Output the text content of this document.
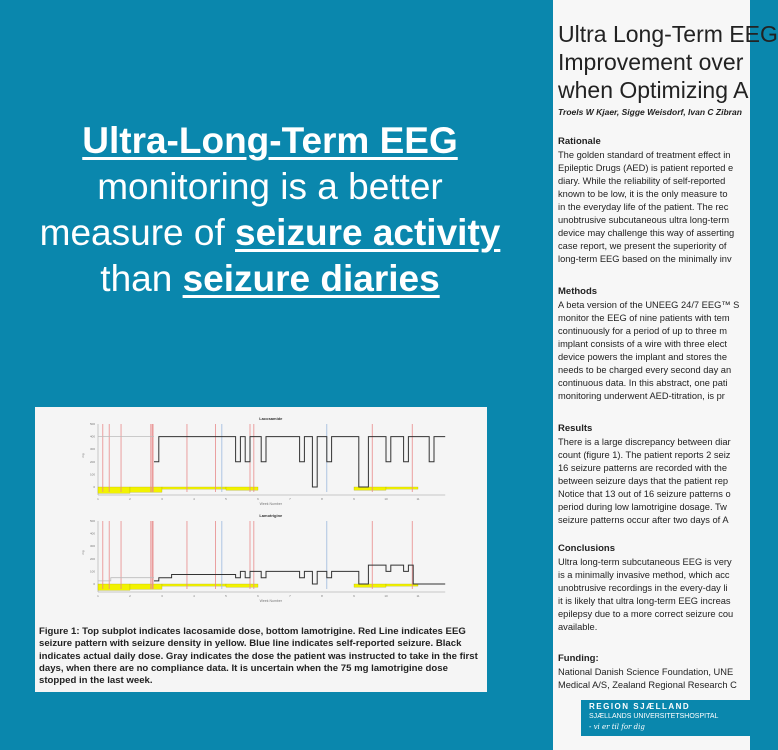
Ultra-Long-Term EEG
monitoring is a better
measure of seizure activity
than seizure diaries
Lacosamide
0
100
200
300
400
500
1	2	3	4	5	6	7	8	9	10	11
mg
Week Number
Lamotrigine
0
100
200
300
400
500
1	2	3	4	5	6	7	8	9	10	11
mg
Week Number
Figure 1: Top subplot indicates lacosamide dose, bottom lamotrigine. Red Line indicates EEG seizure pattern with seizure density in yellow. Blue line indicates self-reported seizure. Black indicates actual daily dose. Gray indicates the dose the patient was instructed to take in the first days, when there are no compliance data. It is uncertain when the 75 mg lamotrigine dose stopped in the last week.
Ultra Long-Term EEG
Improvement over
when Optimizing A
Troels W Kjaer, Sigge Weisdorf, Ivan C Zibran
Rationale
The golden standard of treatment effect in
Epileptic Drugs (AED) is patient reported e
diary. While the reliability of self-reported
known to be low, it is the only measure to
in the everyday life of the patient. The rec
unobtrusive subcutaneous ultra long-term
device may challenge this way of asserting
case report, we present the superiority of
long-term EEG based on the minimally inv
Methods
A beta version of the UNEEG 24/7 EEG™ S
monitor the EEG of nine patients with tem
continuously for a period of up to three m
implant consists of a wire with three elect
device powers the implant and stores the
needs to be charged every second day an
continuous data. In this abstract, one pati
monitoring underwent AED-titration, is pr
Results
There is a large discrepancy between diar
count (figure 1). The patient reports 2 seiz
16 seizure patterns are recorded with the
between seizure days that the patient rep
Notice that 13 out of 16 seizure patterns o
period during low lamotrigine dosage. Tw
seizure patterns occur after two days of A
Conclusions
Ultra long-term subcutaneous EEG is very
is a minimally invasive method, which acc
unobtrusive recordings in the every-day li
it is likely that ultra long-term EEG increas
epilepsy due to a more correct seizure cou
available.
Funding:
National Danish Science Foundation, UNE
Medical A/S, Zealand Regional Research C
REGION SJÆLLAND
SJÆLLANDS UNIVERSITETSHOSPITAL
- vi er til for dig
